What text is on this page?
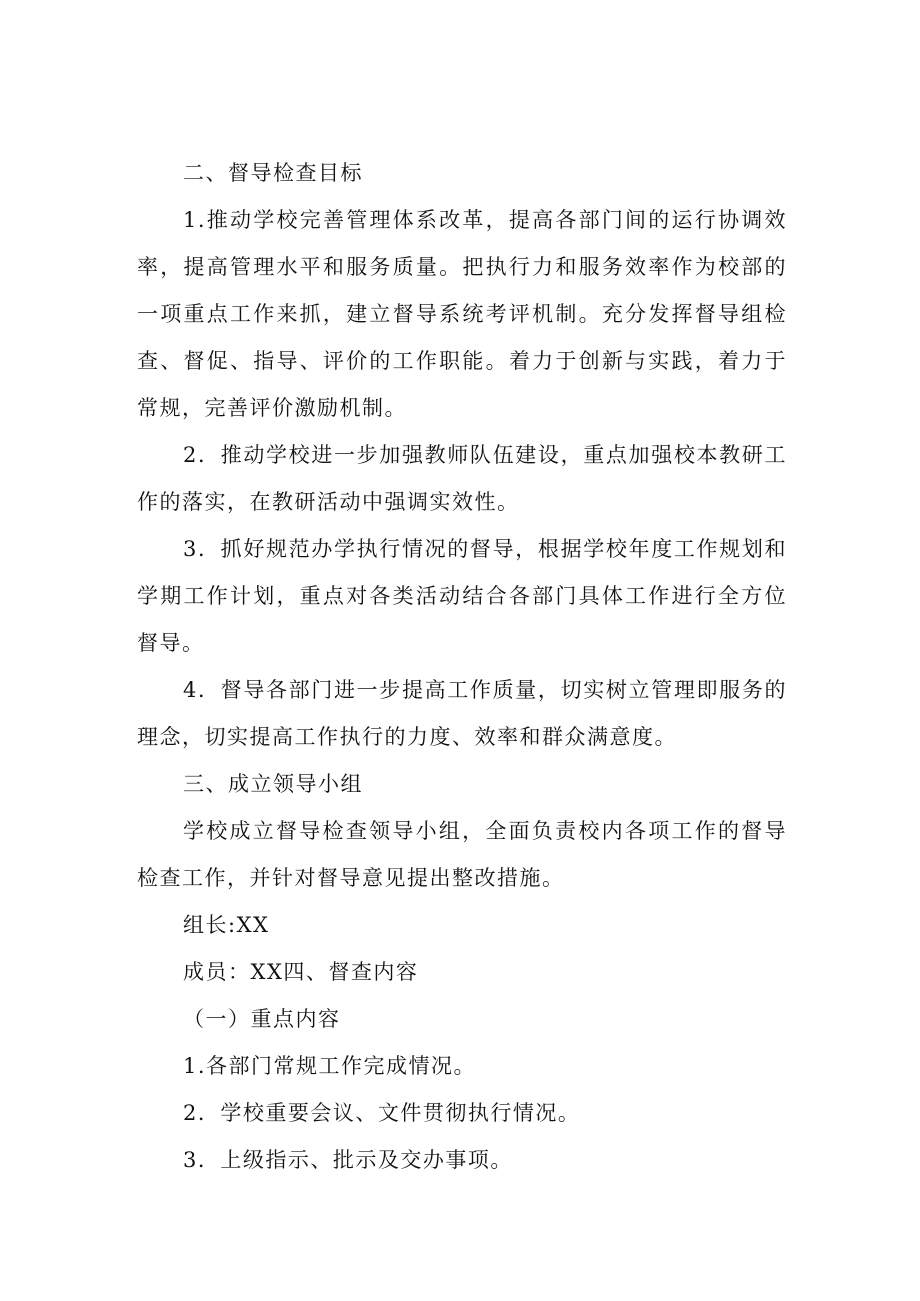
二、督导检查目标

1.推动学校完善管理体系改革，提高各部门间的运行协调效率，提高管理水平和服务质量。把执行力和服务效率作为校部的一项重点工作来抓，建立督导系统考评机制。充分发挥督导组检查、督促、指导、评价的工作职能。着力于创新与实践，着力于常规，完善评价激励机制。

2．推动学校进一步加强教师队伍建设，重点加强校本教研工作的落实，在教研活动中强调实效性。

3．抓好规范办学执行情况的督导，根据学校年度工作规划和学期工作计划，重点对各类活动结合各部门具体工作进行全方位督导。

4．督导各部门进一步提高工作质量，切实树立管理即服务的理念，切实提高工作执行的力度、效率和群众满意度。

三、成立领导小组

学校成立督导检查领导小组，全面负责校内各项工作的督导检查工作，并针对督导意见提出整改措施。

组长:XX

成员：XX四、督查内容

（一）重点内容

1.各部门常规工作完成情况。

2．学校重要会议、文件贯彻执行情况。

3．上级指示、批示及交办事项。
